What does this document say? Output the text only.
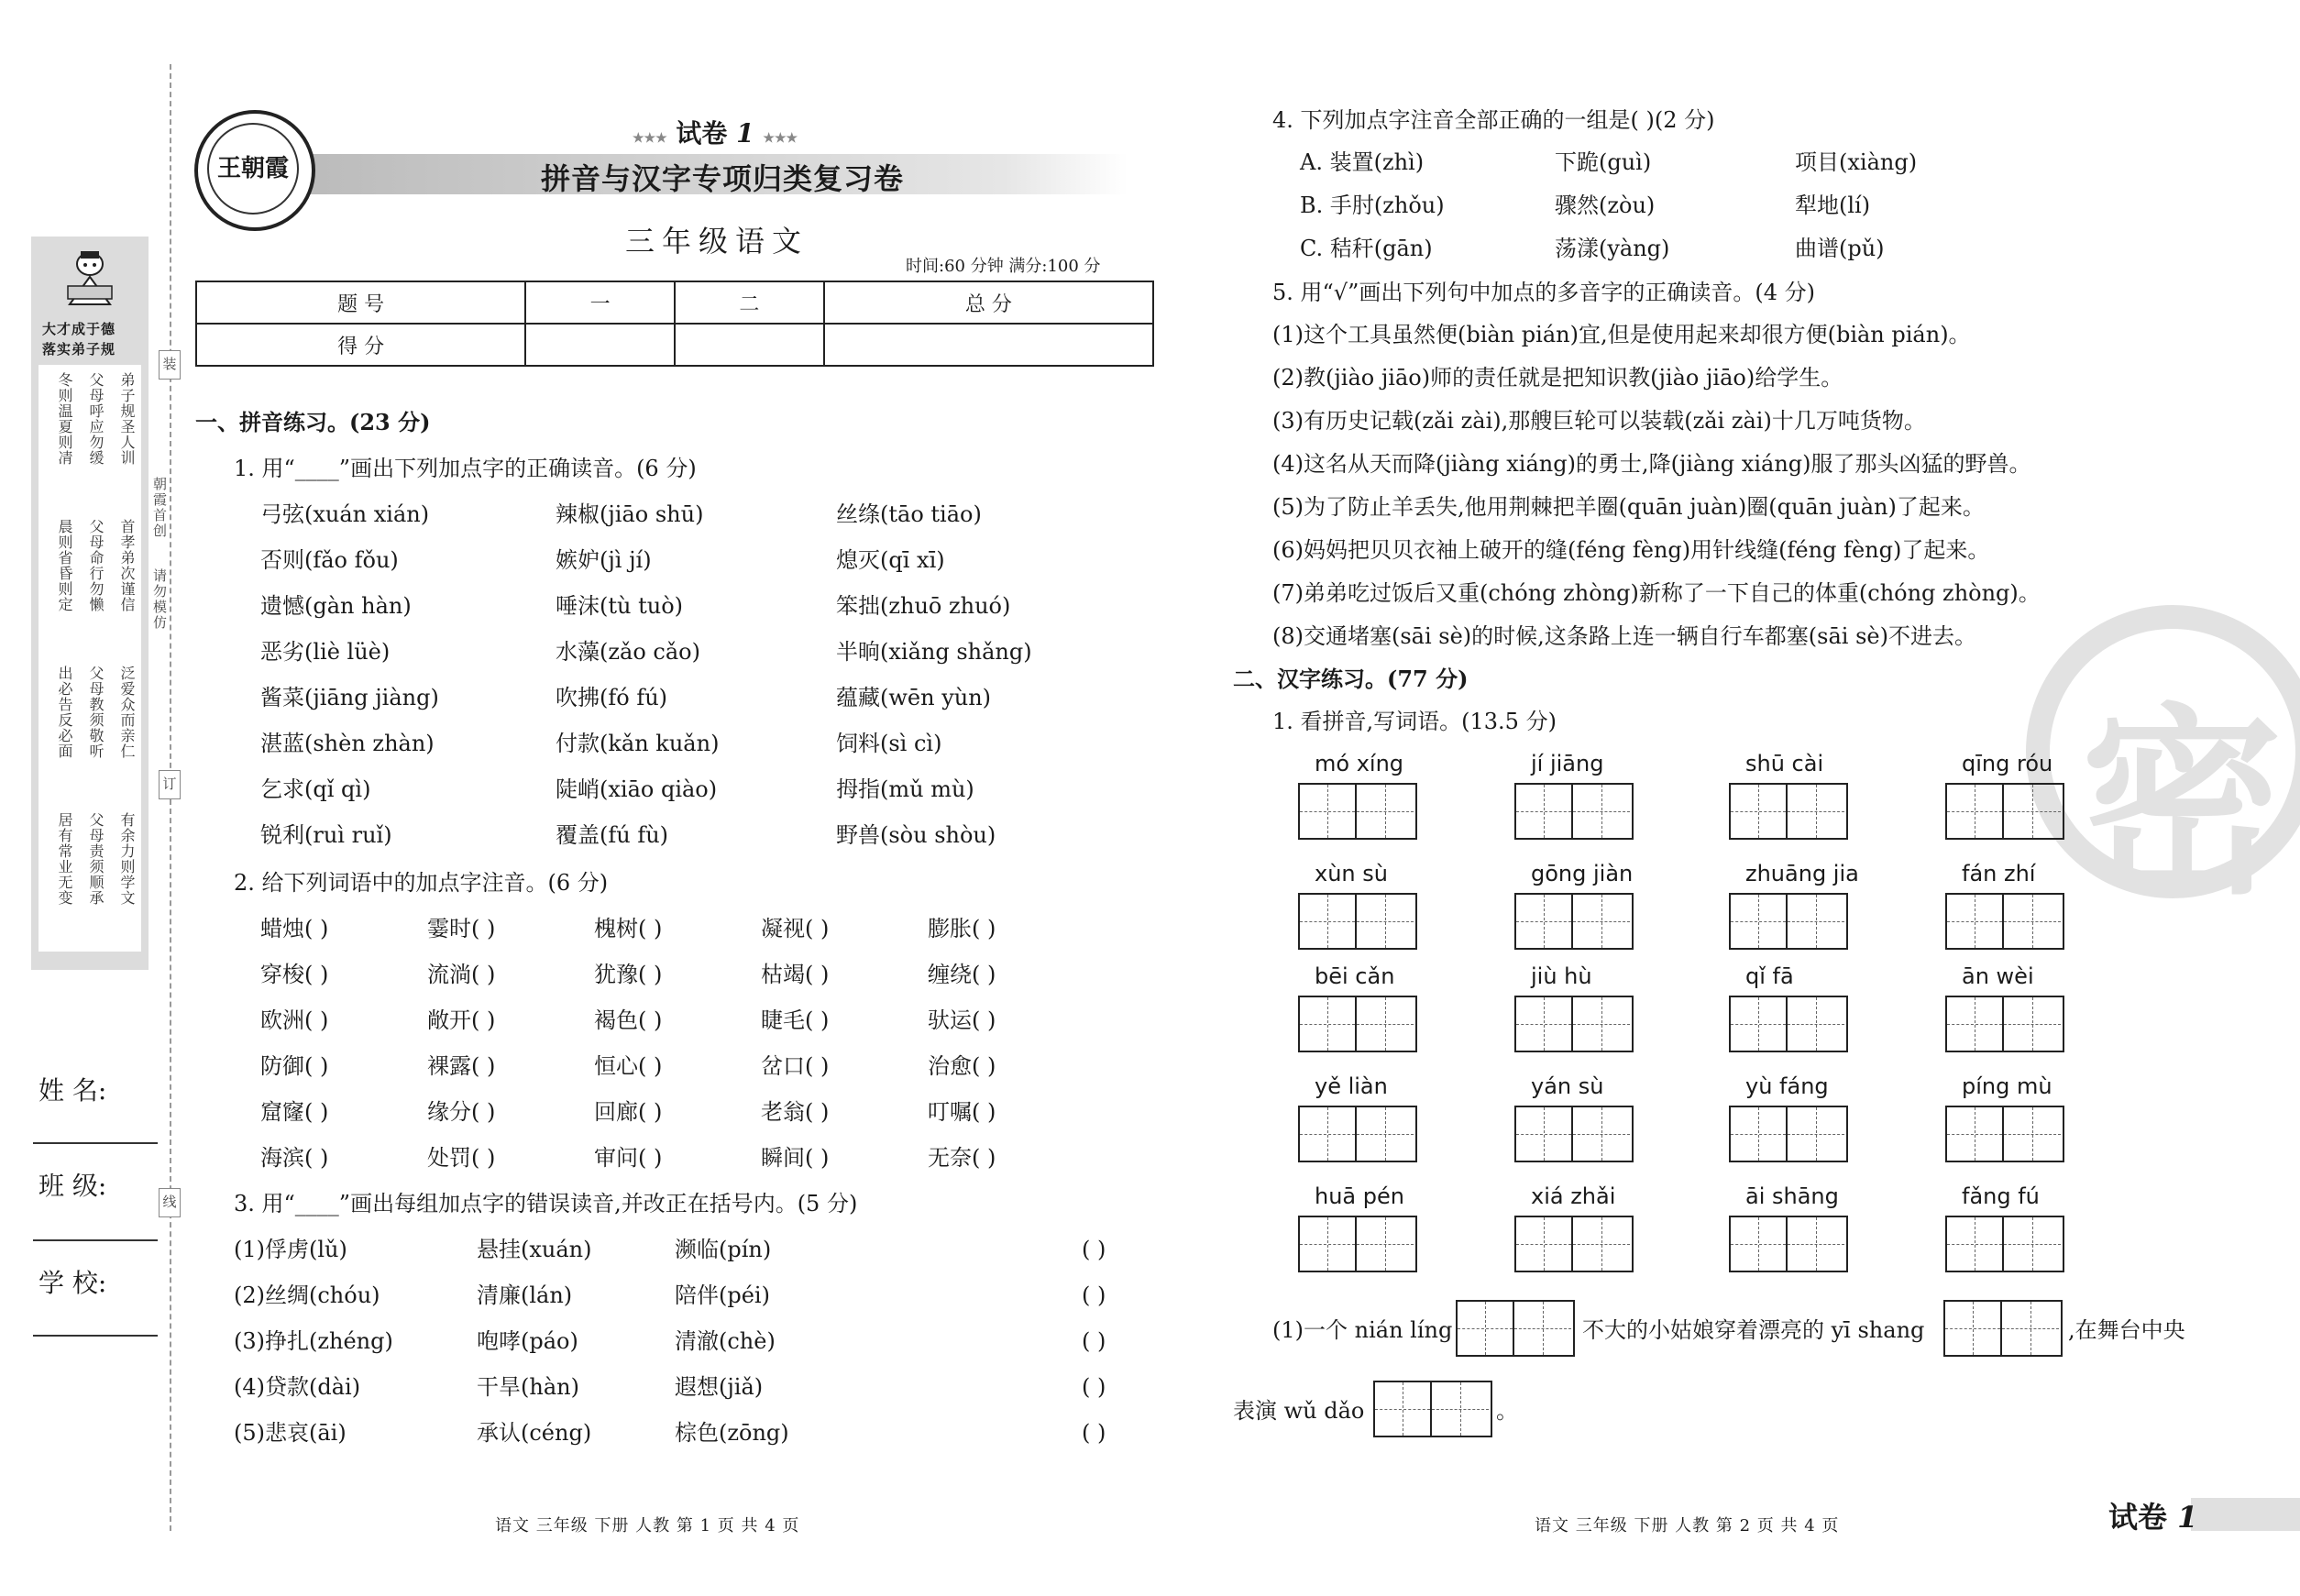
大才成于德
落实弟子规
弟子规圣人训
首孝弟次谨信
泛爱众而亲仁
有余力则学文
父母呼应勿缓
父母命行勿懒
父母教须敬听
父母责须顺承
冬则温夏则凊
晨则省昏则定
出必告反必面
居有常业无变
朝霞首创
请勿模仿
姓 名:
班 级:
学 校:
装
订
线
王朝霞
★★★ 试卷 1 ★★★
拼音与汉字专项归类复习卷
三年级语文
时间:60 分钟 满分:100 分
题 号	一	二	总 分
得 分			
一、拼音练习。(23 分)
1. 用“____”画出下列加点字的正确读音。(6 分)
弓弦(xuán xián)	辣椒(jiāo shū)	丝绦(tāo tiāo)
否则(fǎo fǒu)	嫉妒(jì jí)	熄灭(qī xī)
遗憾(gàn hàn)	唾沫(tù tuò)	笨拙(zhuō zhuó)
恶劣(liè lüè)	水藻(zǎo cǎo)	半晌(xiǎng shǎng)
酱菜(jiāng jiàng)	吹拂(fó fú)	蕴藏(wēn yùn)
湛蓝(shèn zhàn)	付款(kǎn kuǎn)	饲料(sì cì)
乞求(qǐ qì)	陡峭(xiāo qiào)	拇指(mǔ mù)
锐利(ruì ruǐ)	覆盖(fú fù)	野兽(sòu shòu)
2. 给下列词语中的加点字注音。(6 分)
蜡烛( )	霎时( )	槐树( )	凝视( )	膨胀( )
穿梭( )	流淌( )	犹豫( )	枯竭( )	缠绕( )
欧洲( )	敞开( )	褐色( )	睫毛( )	驮运( )
防御( )	裸露( )	恒心( )	岔口( )	治愈( )
窟窿( )	缘分( )	回廊( )	老翁( )	叮嘱( )
海滨( )	处罚( )	审问( )	瞬间( )	无奈( )
3. 用“____”画出每组加点字的错误读音,并改正在括号内。(5 分)
(1)俘虏(lǔ)	悬挂(xuán)	濒临(pín)	( )
(2)丝绸(chóu)	清廉(lán)	陪伴(péi)	( )
(3)挣扎(zhéng)	咆哮(páo)	清澈(chè)	( )
(4)贷款(dài)	干旱(hàn)	遐想(jiǎ)	( )
(5)悲哀(āi)	承认(céng)	棕色(zōng)	( )
语文 三年级 下册 人教 第 1 页 共 4 页
密
4. 下列加点字注音全部正确的一组是( )(2 分)
A. 装置(zhì)	下跪(guì)	项目(xiàng)
B. 手肘(zhǒu)	骤然(zòu)	犁地(lí)
C. 秸秆(gān)	荡漾(yàng)	曲谱(pǔ)
5. 用“√”画出下列句中加点的多音字的正确读音。(4 分)
(1)这个工具虽然便(biàn pián)宜,但是使用起来却很方便(biàn pián)。
(2)教(jiào jiāo)师的责任就是把知识教(jiào jiāo)给学生。
(3)有历史记载(zǎi zài),那艘巨轮可以装载(zǎi zài)十几万吨货物。
(4)这名从天而降(jiàng xiáng)的勇士,降(jiàng xiáng)服了那头凶猛的野兽。
(5)为了防止羊丢失,他用荆棘把羊圈(quān juàn)圈(quān juàn)了起来。
(6)妈妈把贝贝衣袖上破开的缝(féng fèng)用针线缝(féng fèng)了起来。
(7)弟弟吃过饭后又重(chóng zhòng)新称了一下自己的体重(chóng zhòng)。
(8)交通堵塞(sāi sè)的时候,这条路上连一辆自行车都塞(sāi sè)不进去。
二、汉字练习。(77 分)
1. 看拼音,写词语。(13.5 分)
mó xíng	jí jiāng	shū cài	qīng róu
xùn sù	gōng jiàn	zhuāng jia	fán zhí
bēi cǎn	jiù hù	qǐ fā	ān wèi
yě liàn	yán sù	yù fáng	píng mù
huā pén	xiá zhǎi	āi shāng	fǎng fú
(1)一个 nián líng	不大的小姑娘穿着漂亮的 yī shang	,在舞台中央
表演 wǔ dǎo	。
语文 三年级 下册 人教 第 2 页 共 4 页	试卷 1
